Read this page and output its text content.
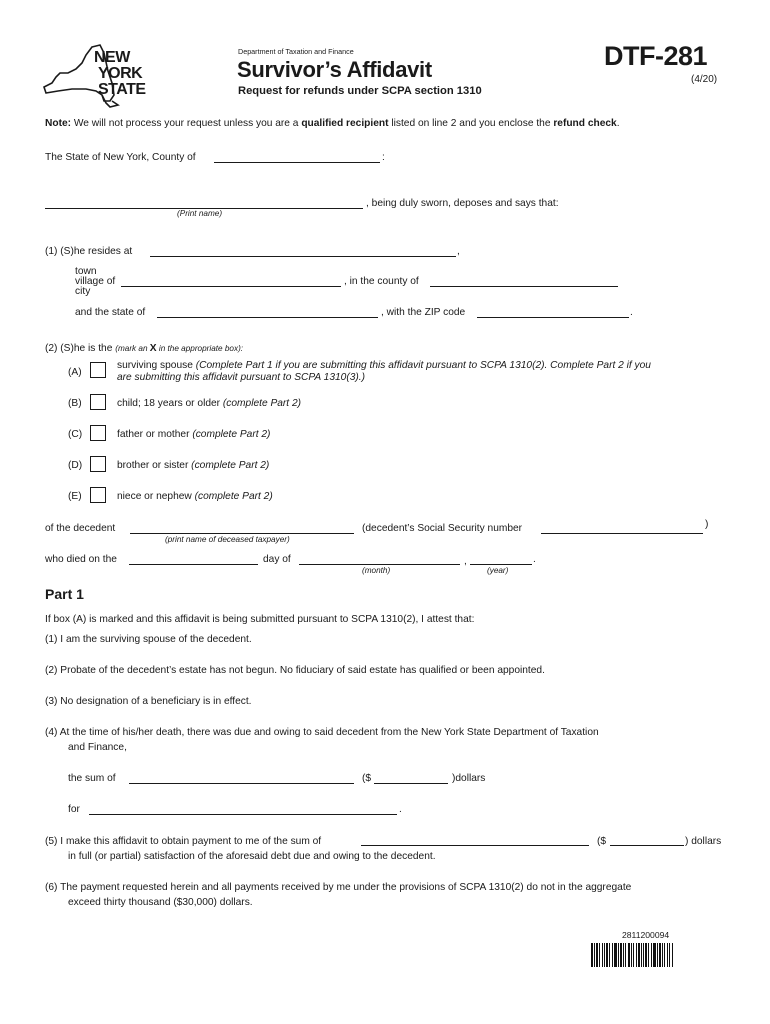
NEW
YORK
STATE
Department of Taxation and Finance
Survivor’s Affidavit
Request for refunds under SCPA section 1310
DTF-281
(4/20)
Note: We will not process your request unless you are a qualified recipient listed on line 2 and you enclose the refund check.
The State of New York, County of	:
, being duly sworn, deposes and says that:
(Print name)
(1) (S)he resides at	,
town
village of
city
, in the county of
and the state of	, with the ZIP code	.
(2) (S)he is the (mark an X in the appropriate box):
(A)
surviving spouse (Complete Part 1 if you are submitting this affidavit pursuant to SCPA 1310(2). Complete Part 2 if you
are submitting this affidavit pursuant to SCPA 1310(3).)
(B)	child; 18 years or older (complete Part 2)
(C)	father or mother (complete Part 2)
(D)	brother or sister (complete Part 2)
(E)	niece or nephew (complete Part 2)
of the decedent
(print name of deceased taxpayer)
(decedent’s Social Security number	)
who died on the	day of
(month)
,
(year)
.
Part 1
If box (A) is marked and this affidavit is being submitted pursuant to SCPA 1310(2), I attest that:
(1) I am the surviving spouse of the decedent.
(2) Probate of the decedent’s estate has not begun. No fiduciary of said estate has qualified or been appointed.
(3) No designation of a beneficiary is in effect.
(4) At the time of his/her death, there was due and owing to said decedent from the New York State Department of Taxation
and Finance,
the sum of	($	)dollars
for	.
(5) I make this affidavit to obtain payment to me of the sum of	($	) dollars
in full (or partial) satisfaction of the aforesaid debt due and owing to the decedent.
(6) The payment requested herein and all payments received by me under the provisions of SCPA 1310(2) do not in the aggregate
exceed thirty thousand ($30,000) dollars.
2811200094
